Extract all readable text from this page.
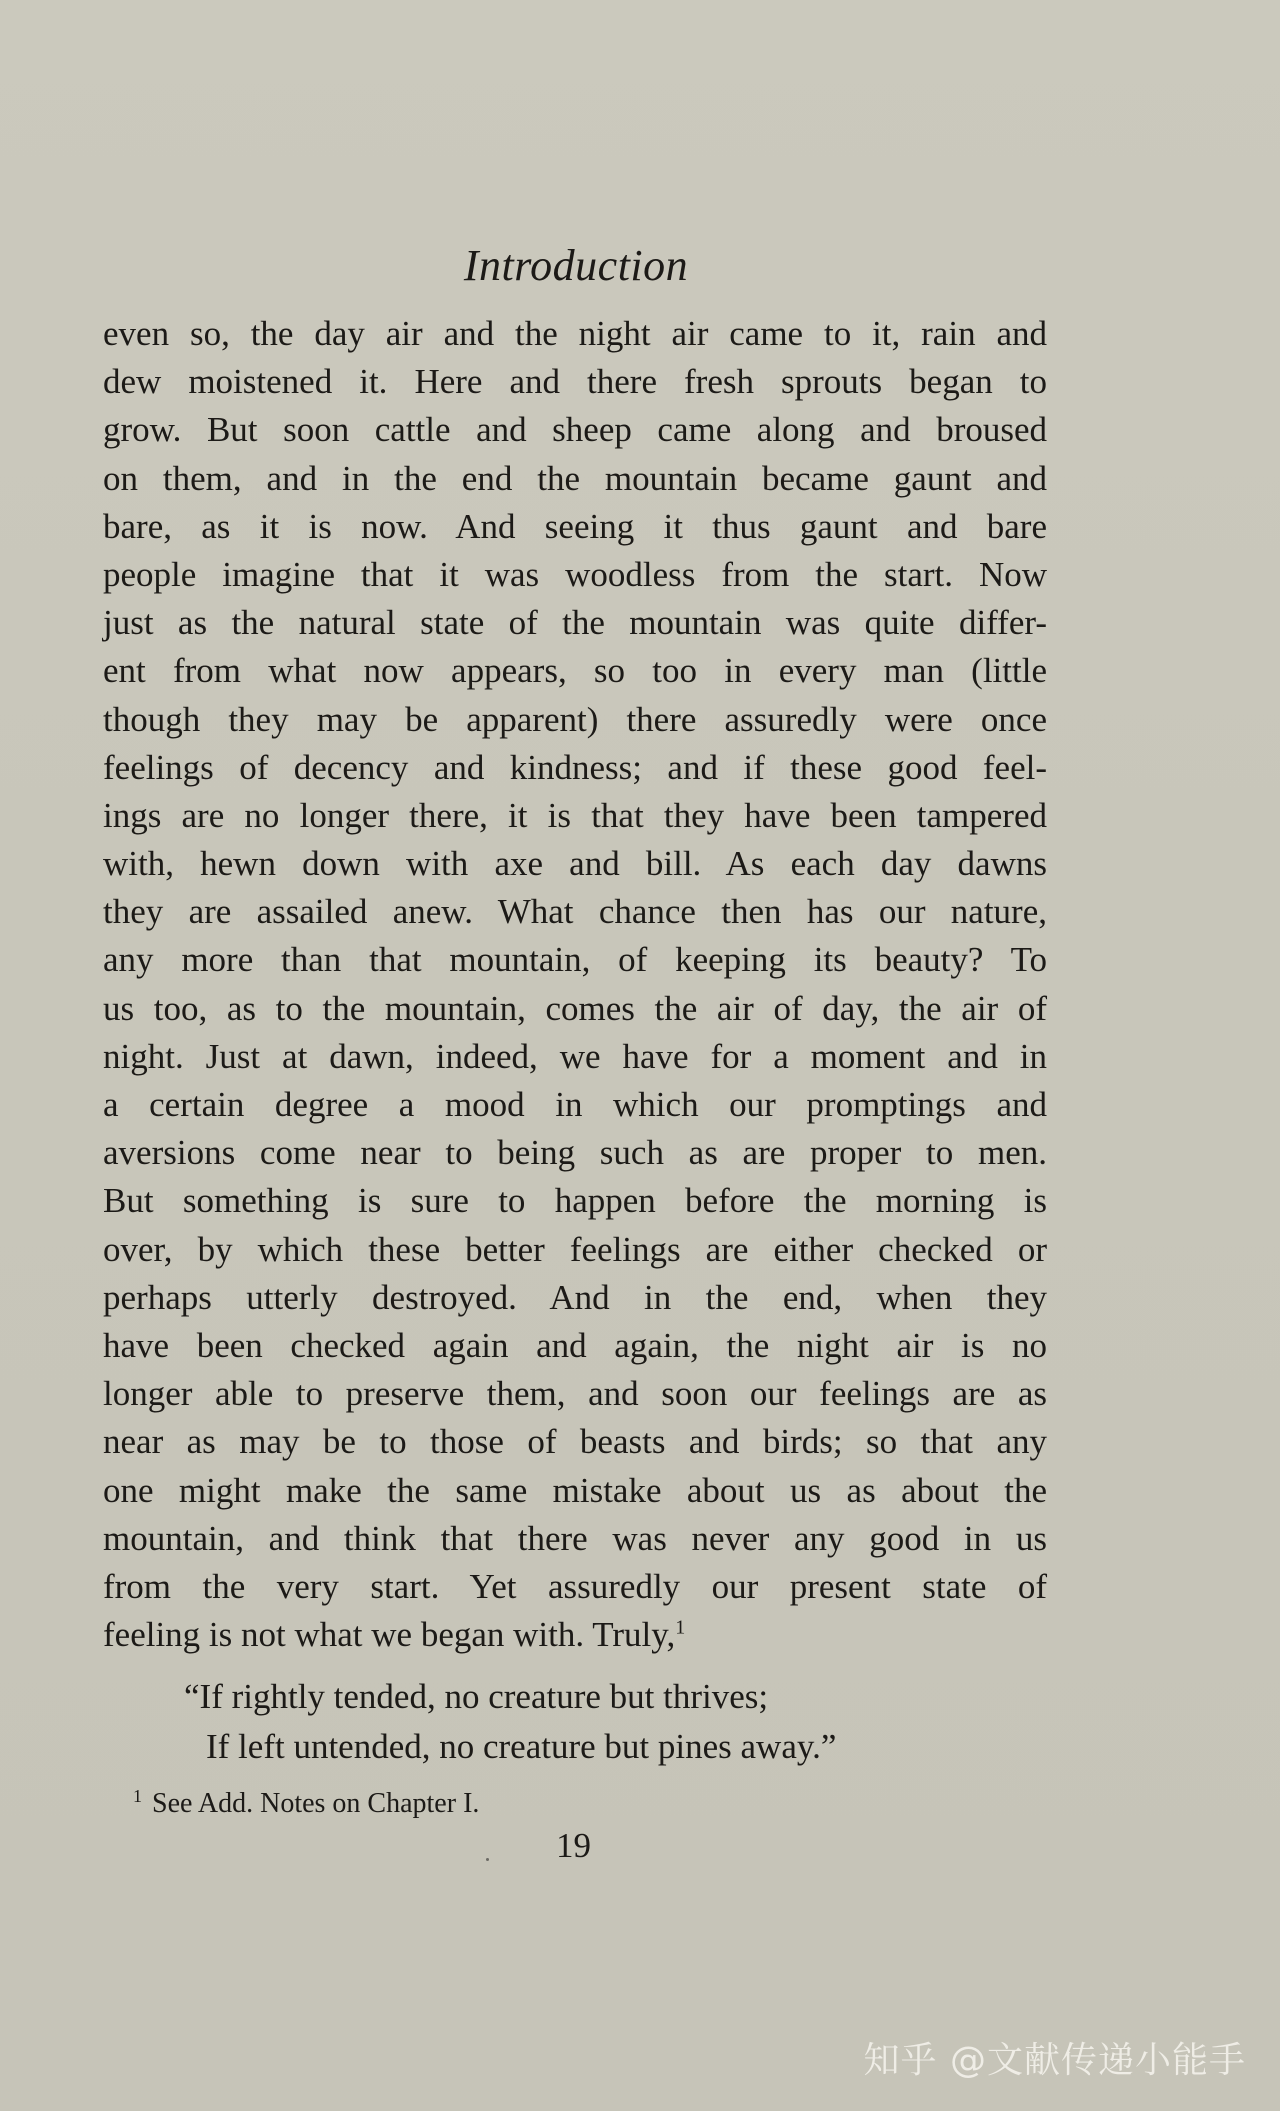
Introduction
even so, the day air and the night air came to it, rain and
dew moistened it. Here and there fresh sprouts began to
grow. But soon cattle and sheep came along and broused
on them, and in the end the mountain became gaunt and
bare, as it is now. And seeing it thus gaunt and bare
people imagine that it was woodless from the start. Now
just as the natural state of the mountain was quite differ-
ent from what now appears, so too in every man (little
though they may be apparent) there assuredly were once
feelings of decency and kindness; and if these good feel-
ings are no longer there, it is that they have been tampered
with, hewn down with axe and bill. As each day dawns
they are assailed anew. What chance then has our nature,
any more than that mountain, of keeping its beauty? To
us too, as to the mountain, comes the air of day, the air of
night. Just at dawn, indeed, we have for a moment and in
a certain degree a mood in which our promptings and
aversions come near to being such as are proper to men.
But something is sure to happen before the morning is
over, by which these better feelings are either checked or
perhaps utterly destroyed. And in the end, when they
have been checked again and again, the night air is no
longer able to preserve them, and soon our feelings are as
near as may be to those of beasts and birds; so that any
one might make the same mistake about us as about the
mountain, and think that there was never any good in us
from the very start. Yet assuredly our present state of
feeling is not what we began with. Truly,$^1$
“If rightly tended, no creature but thrives;
If left untended, no creature but pines away.”
$^1$ See Add. Notes on Chapter I.
19
知乎 @文献传递小能手
